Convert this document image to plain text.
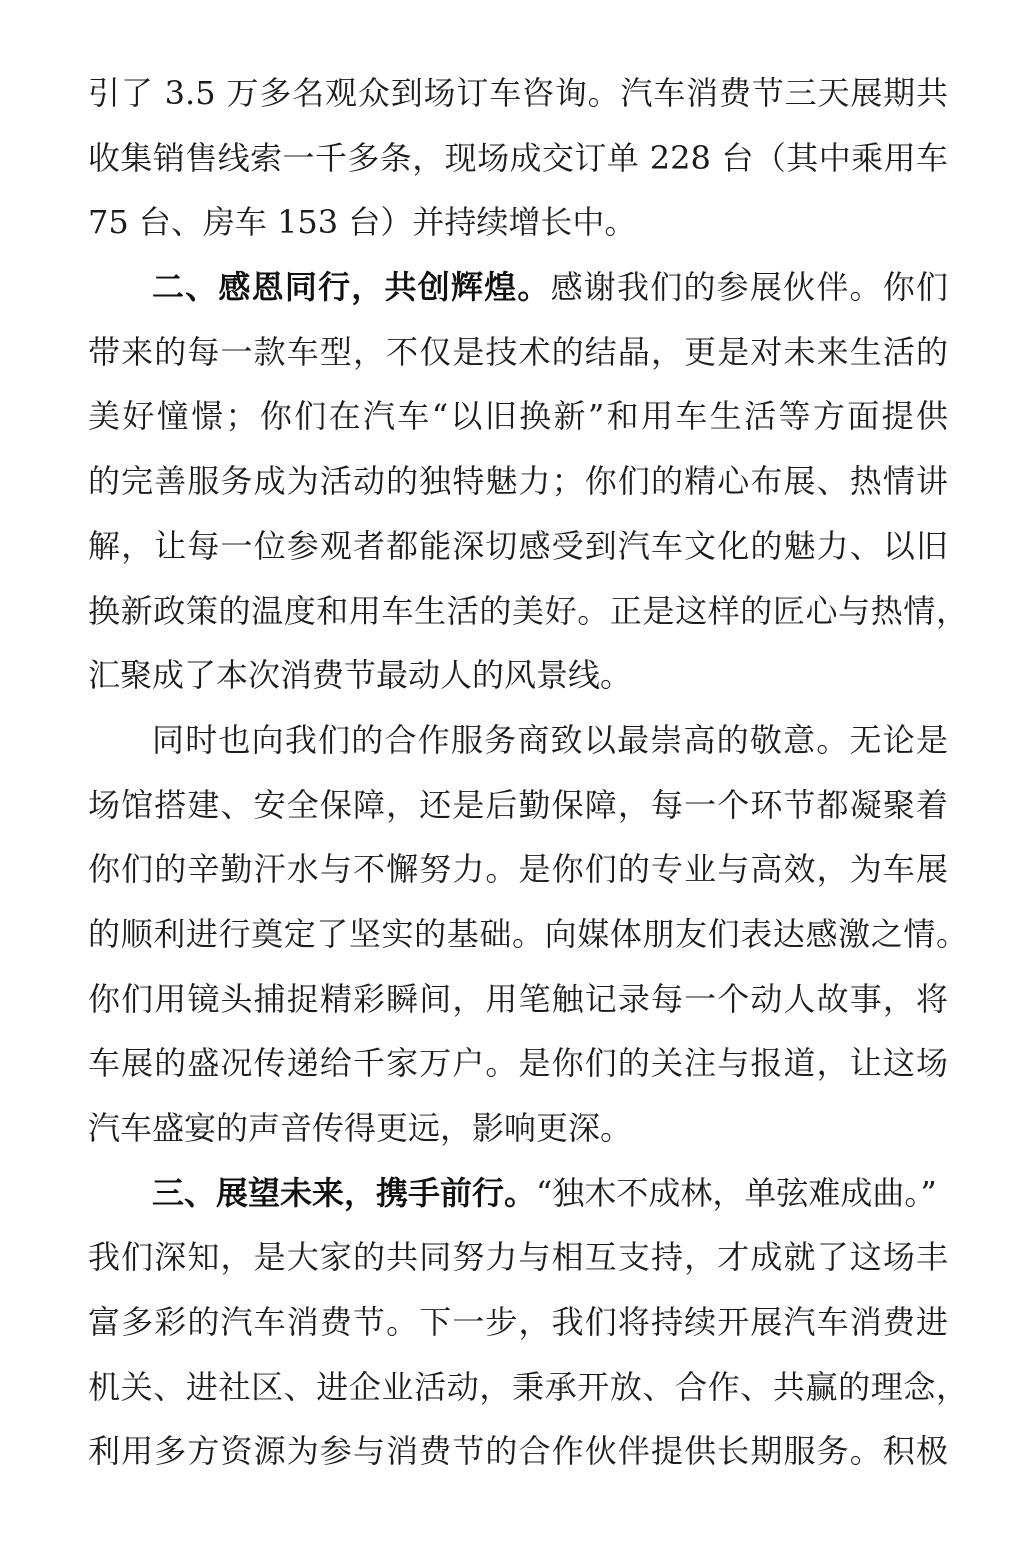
引了 3.5 万多名观众到场订车咨询。汽车消费节三天展期共
收集销售线索一千多条，现场成交订单 228 台（其中乘用车
75 台、房车 153 台）并持续增长中。
二、感恩同行，共创辉煌。感谢我们的参展伙伴。你们
带来的每一款车型，不仅是技术的结晶，更是对未来生活的
美好憧憬；你们在汽车“以旧换新”和用车生活等方面提供
的完善服务成为活动的独特魅力；你们的精心布展、热情讲
解，让每一位参观者都能深切感受到汽车文化的魅力、以旧
换新政策的温度和用车生活的美好。正是这样的匠心与热情，
汇聚成了本次消费节最动人的风景线。
同时也向我们的合作服务商致以最崇高的敬意。无论是
场馆搭建、安全保障，还是后勤保障，每一个环节都凝聚着
你们的辛勤汗水与不懈努力。是你们的专业与高效，为车展
的顺利进行奠定了坚实的基础。向媒体朋友们表达感激之情。
你们用镜头捕捉精彩瞬间，用笔触记录每一个动人故事，将
车展的盛况传递给千家万户。是你们的关注与报道，让这场
汽车盛宴的声音传得更远，影响更深。
三、展望未来，携手前行。“独木不成林，单弦难成曲。”
我们深知，是大家的共同努力与相互支持，才成就了这场丰
富多彩的汽车消费节。下一步，我们将持续开展汽车消费进
机关、进社区、进企业活动，秉承开放、合作、共赢的理念，
利用多方资源为参与消费节的合作伙伴提供长期服务。积极
